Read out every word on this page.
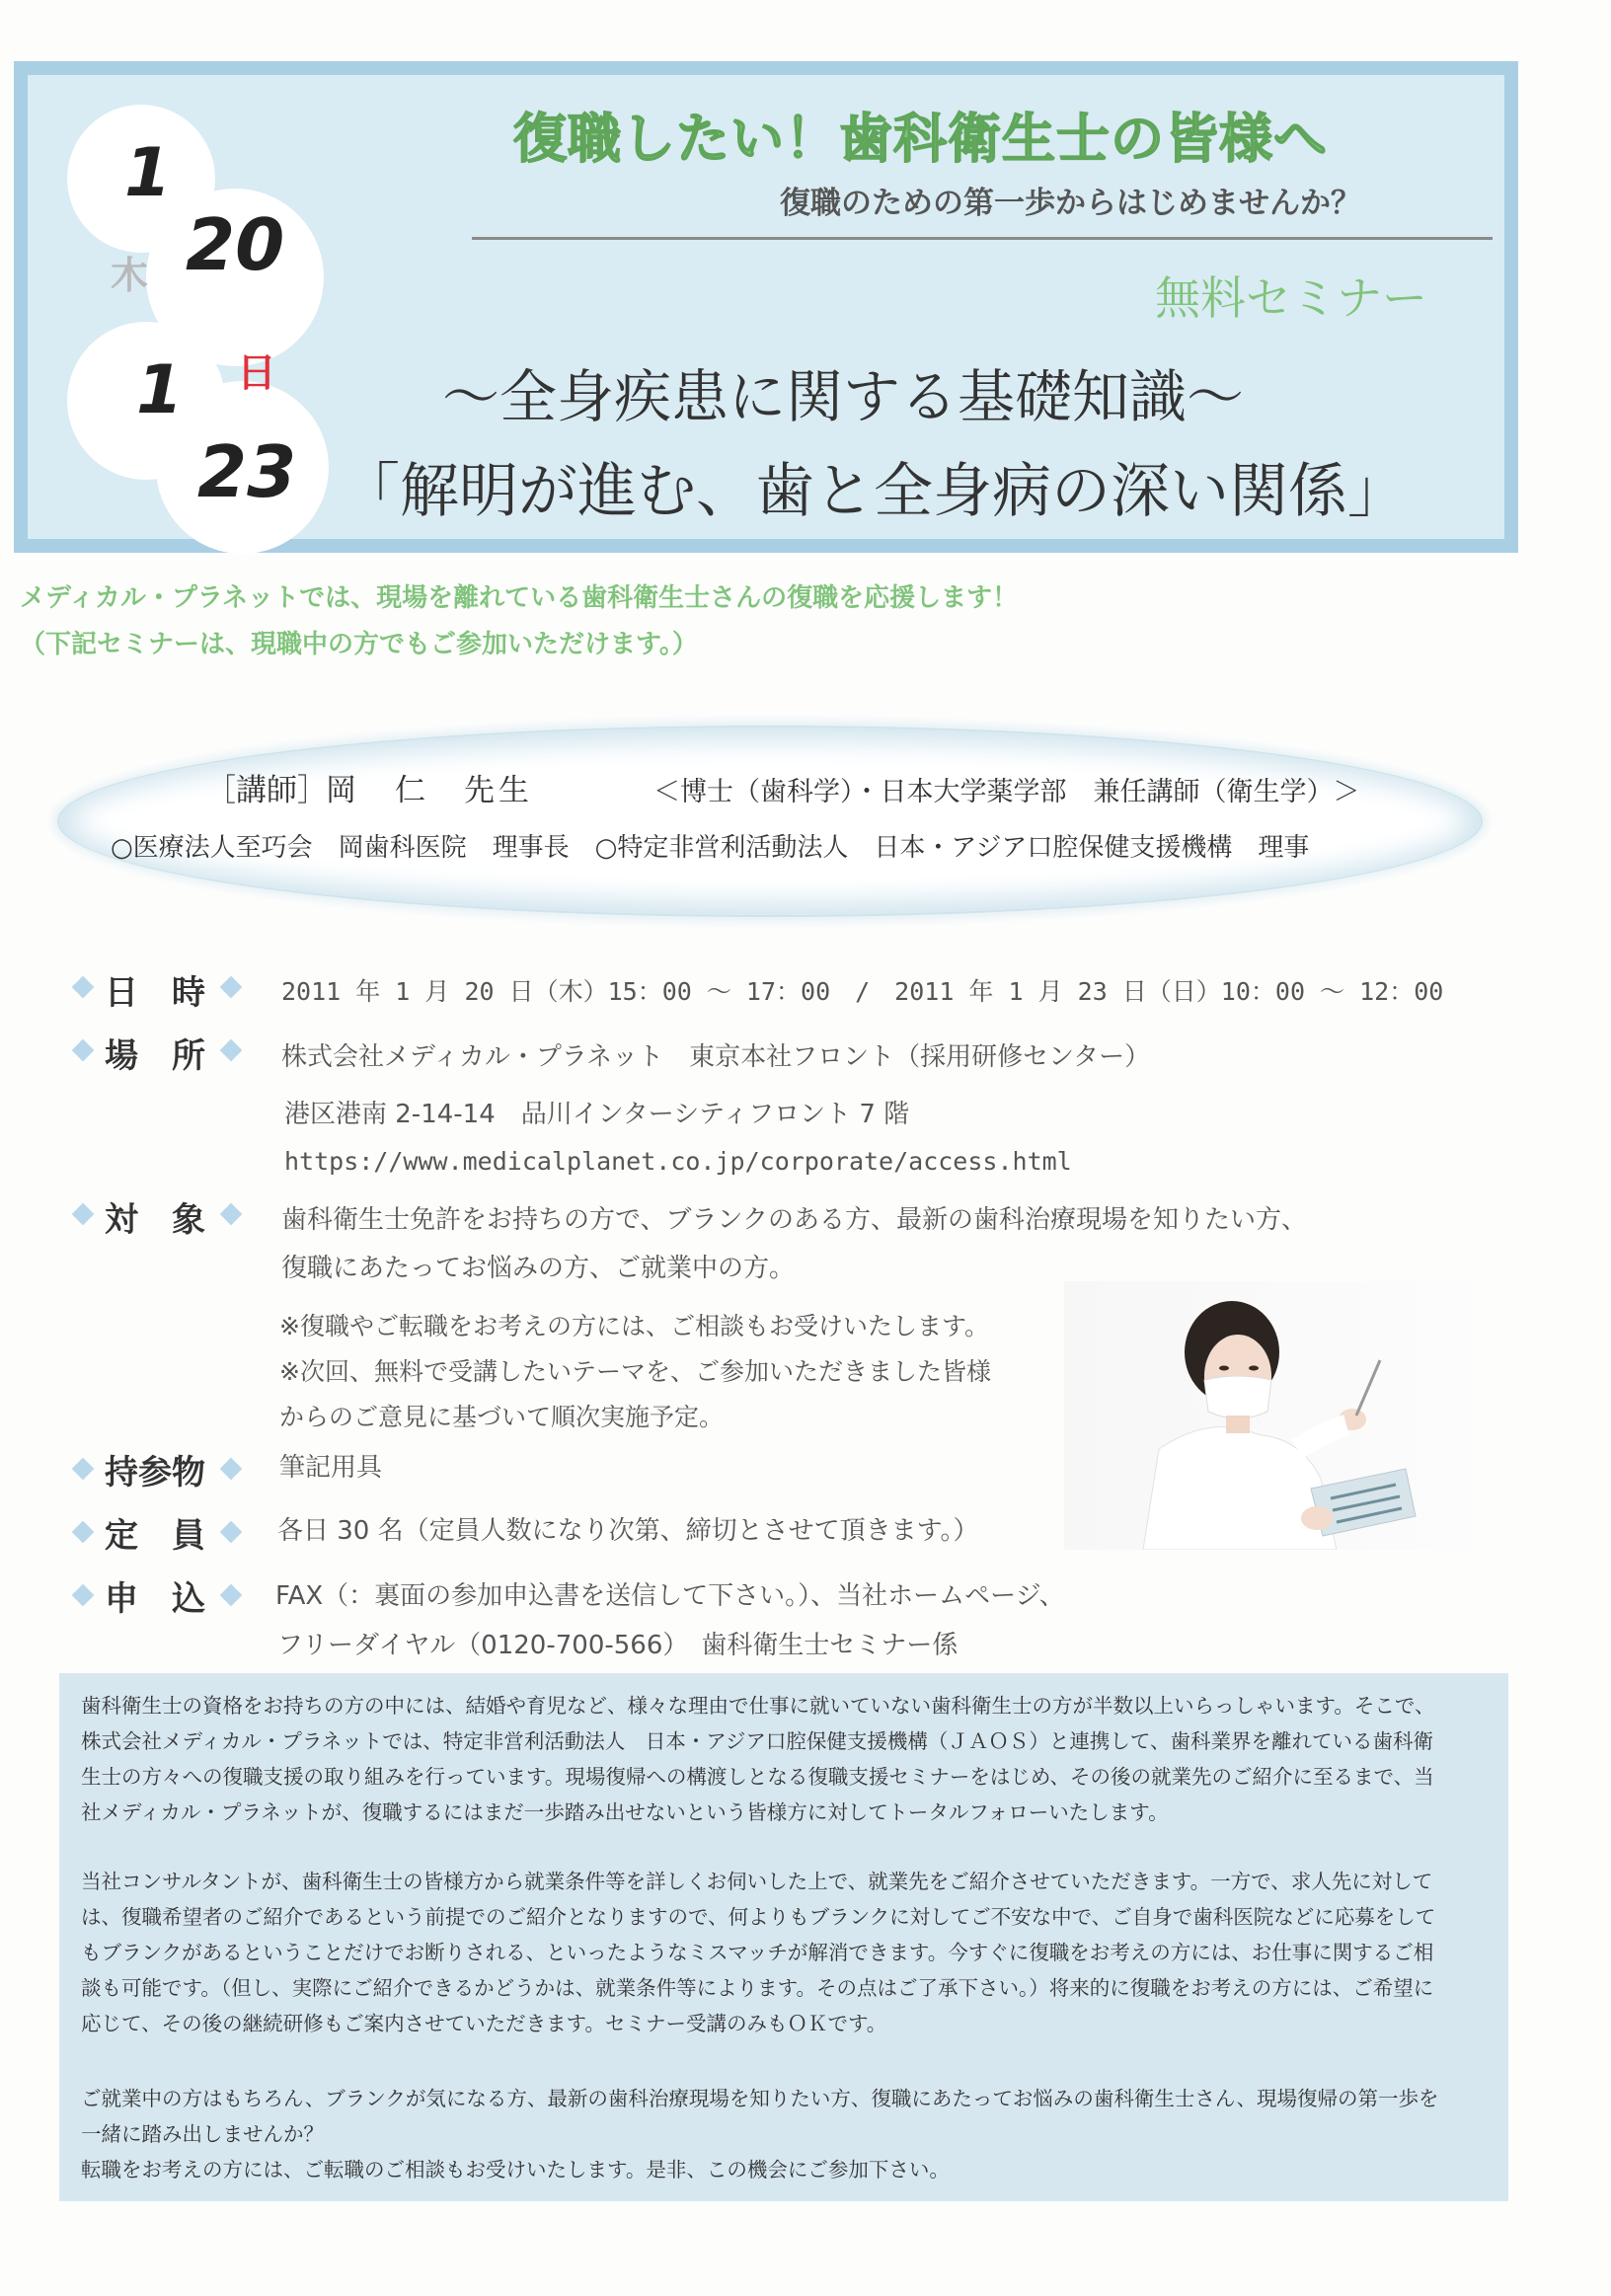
1
木 20
1 日
23
復職したい！歯科衛生士の皆様へ
復職のための第一歩からはじめませんか？
無料セミナー
～全身疾患に関する基礎知識～
「解明が進む、歯と全身病の深い関係」
メディカル・プラネットでは、現場を離れている歯科衛生士さんの復職を応援します！
（下記セミナーは、現職中の方でもご参加いただけます。）
［講師］
岡　仁　先生	＜博士（歯科学）・日本大学薬学部　兼任講師（衛生学）＞
○医療法人至巧会　岡歯科医院　理事長　○特定非営利活動法人　日本・アジア口腔保健支援機構　理事
日　時	2011 年 1 月 20 日（木）15：00 ～ 17：00　/　2011 年 1 月 23 日（日）10：00 ～ 12：00
場　所	株式会社メディカル・プラネット　東京本社フロント（採用研修センター）
港区港南 2-14-14　品川インターシティフロント 7 階
https://www.medicalplanet.co.jp/corporate/access.html
対　象	歯科衛生士免許をお持ちの方で、ブランクのある方、最新の歯科治療現場を知りたい方、
復職にあたってお悩みの方、ご就業中の方。
※復職やご転職をお考えの方には、ご相談もお受けいたします。
※次回、無料で受講したいテーマを、ご参加いただきました皆様
からのご意見に基づいて順次実施予定。
持参物	筆記用具
定　員	各日 30 名（定員人数になり次第、締切とさせて頂きます。）
申　込	FAX（：裏面の参加申込書を送信して下さい。）、当社ホームページ、
フリーダイヤル（0120-700-566）　歯科衛生士セミナー係
歯科衛生士の資格をお持ちの方の中には、結婚や育児など、様々な理由で仕事に就いていない歯科衛生士の方が半数以上いらっしゃいます。そこで、
株式会社メディカル・プラネットでは、特定非営利活動法人　日本・アジア口腔保健支援機構（ＪＡＯＳ）と連携して、歯科業界を離れている歯科衛
生士の方々への復職支援の取り組みを行っています。現場復帰への構渡しとなる復職支援セミナーをはじめ、その後の就業先のご紹介に至るまで、当
社メディカル・プラネットが、復職するにはまだ一歩踏み出せないという皆様方に対してトータルフォローいたします。
当社コンサルタントが、歯科衛生士の皆様方から就業条件等を詳しくお伺いした上で、就業先をご紹介させていただきます。一方で、求人先に対して
は、復職希望者のご紹介であるという前提でのご紹介となりますので、何よりもブランクに対してご不安な中で、ご自身で歯科医院などに応募をして
もブランクがあるということだけでお断りされる、といったようなミスマッチが解消できます。今すぐに復職をお考えの方には、お仕事に関するご相
談も可能です。（但し、実際にご紹介できるかどうかは、就業条件等によります。その点はご了承下さい。）将来的に復職をお考えの方には、ご希望に
応じて、その後の継続研修もご案内させていただきます。セミナー受講のみもＯＫです。
ご就業中の方はもちろん、ブランクが気になる方、最新の歯科治療現場を知りたい方、復職にあたってお悩みの歯科衛生士さん、現場復帰の第一歩を
一緒に踏み出しませんか？
転職をお考えの方には、ご転職のご相談もお受けいたします。是非、この機会にご参加下さい。
